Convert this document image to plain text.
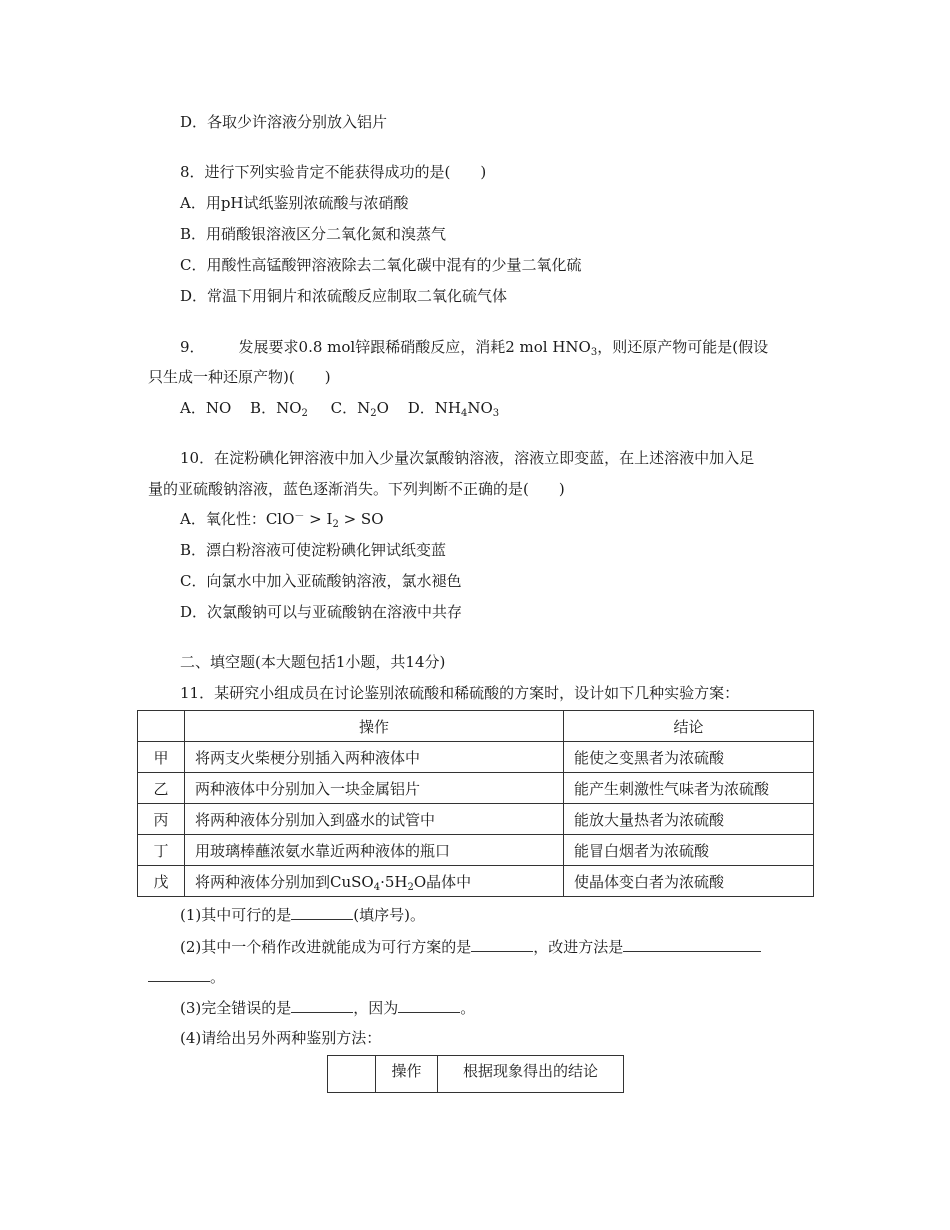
D．各取少许溶液分别放入铝片
8．进行下列实验肯定不能获得成功的是(　　)
A．用pH试纸鉴别浓硫酸与浓硝酸
B．用硝酸银溶液区分二氧化氮和溴蒸气
C．用酸性高锰酸钾溶液除去二氧化碳中混有的少量二氧化硫
D．常温下用铜片和浓硫酸反应制取二氧化硫气体
9． 发展要求0.8 mol锌跟稀硝酸反应，消耗2 mol $HNO_3$，则还原产物可能是(假设
只生成一种还原产物)(　　)
A．NO B．$NO_2$ C．$N_2O$ D．$NH_4NO_3$
10．在淀粉碘化钾溶液中加入少量次氯酸钠溶液，溶液立即变蓝，在上述溶液中加入足
量的亚硫酸钠溶液，蓝色逐渐消失。下列判断不正确的是(　　)
A．氧化性：$ClO^- > I_2$ > SO
B．漂白粉溶液可使淀粉碘化钾试纸变蓝
C．向氯水中加入亚硫酸钠溶液，氯水褪色
D．次氯酸钠可以与亚硫酸钠在溶液中共存
二、填空题(本大题包括1小题，共14分)
11．某研究小组成员在讨论鉴别浓硫酸和稀硫酸的方案时，设计如下几种实验方案：
	操作	结论
甲	将两支火柴梗分别插入两种液体中	能使之变黑者为浓硫酸
乙	两种液体中分别加入一块金属铝片	能产生刺激性气味者为浓硫酸
丙	将两种液体分别加入到盛水的试管中	能放大量热者为浓硫酸
丁	用玻璃棒蘸浓氨水靠近两种液体的瓶口	能冒白烟者为浓硫酸
戊	将两种液体分别加到$CuSO_4\cdot 5H_2O$晶体中	使晶体变白者为浓硫酸
(1)其中可行的是	(填序号)。
(2)其中一个稍作改进就能成为可行方案的是	，改进方法是
。
(3)完全错误的是	，因为	。
(4)请给出另外两种鉴别方法：
	操作	根据现象得出的结论
